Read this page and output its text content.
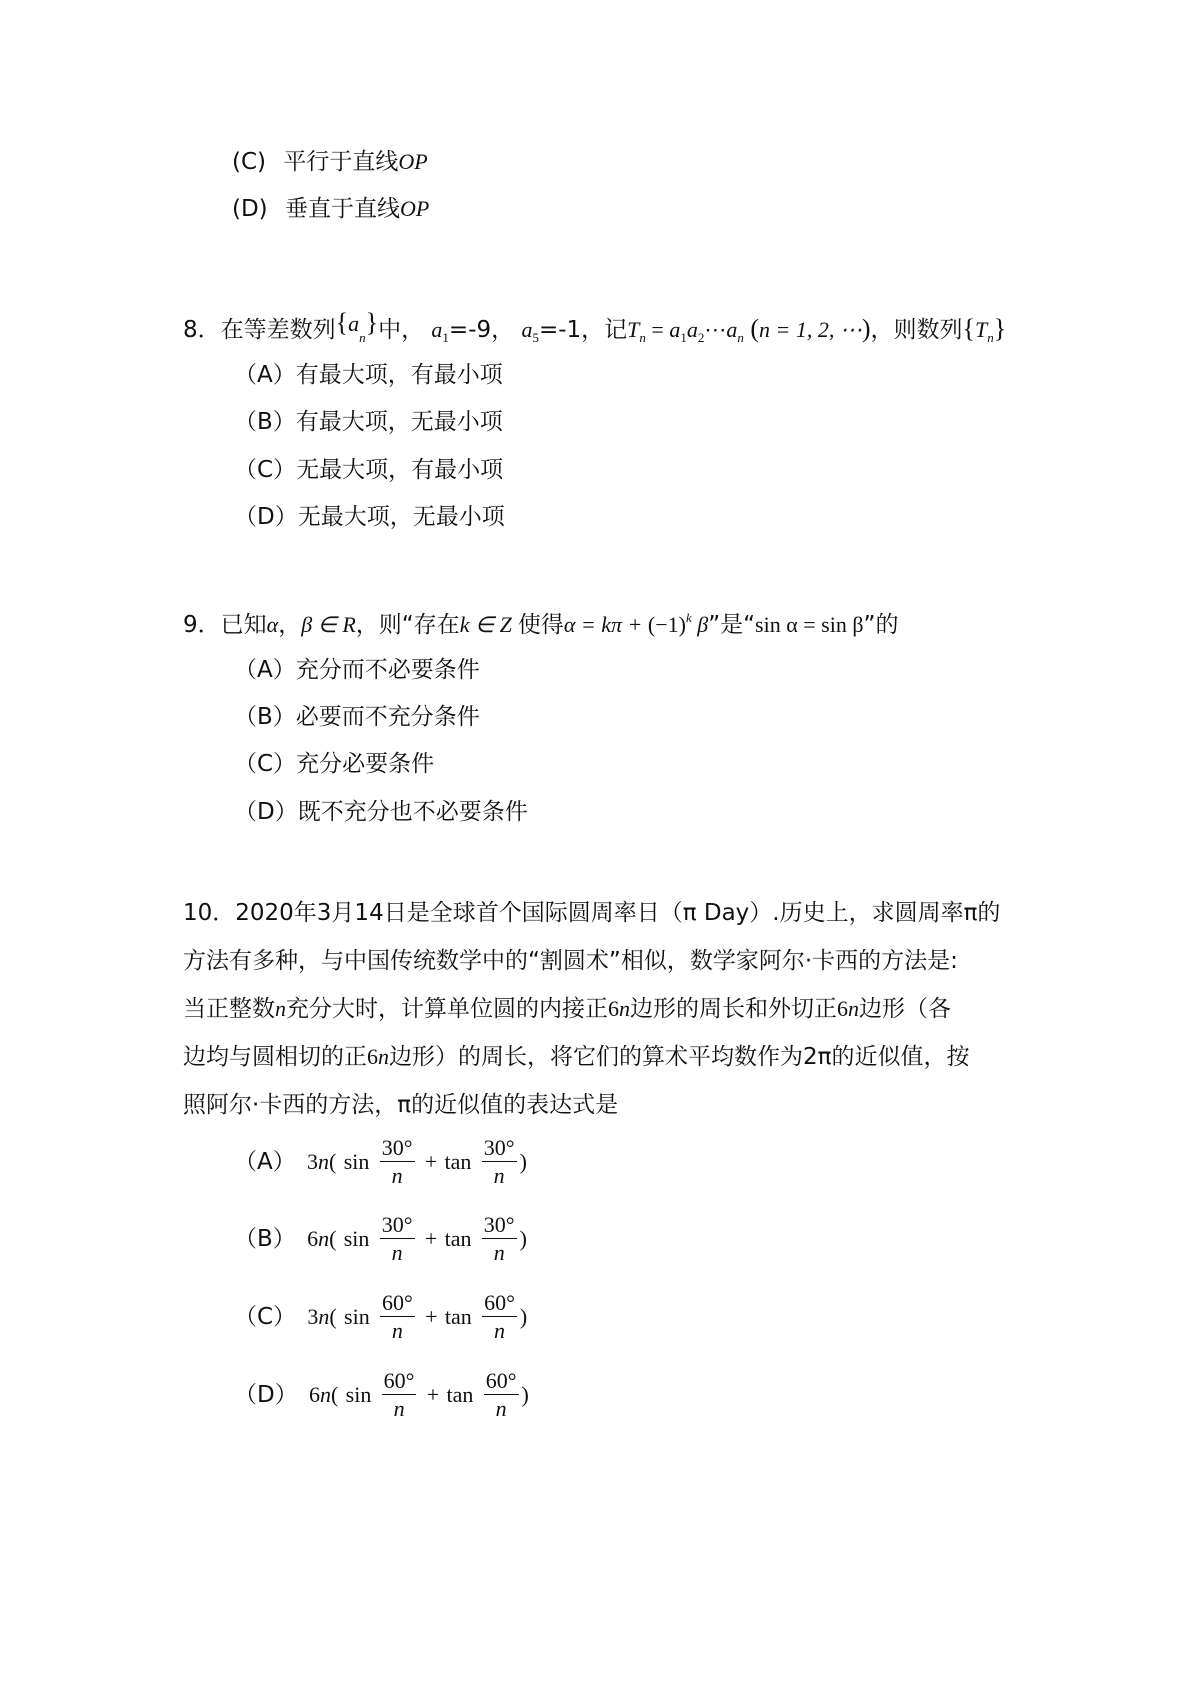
(C) 平行于直线OP
(D) 垂直于直线OP
8．在等差数列$\{a_n\}$中， $a_1=-9$， $a_5=-1$，记$T_n$ = $a_1a_2\cdots a_n$ (n = 1, 2, ⋯)，则数列$\{T_n\}$
（A）有最大项，有最小项
（B）有最大项，无最小项
（C）无最大项，有最小项
（D）无最大项，无最小项
9．已知α，β ∈ R，则“存在k ∈ Z 使得$\alpha = k\pi + (-1)^k$ β”是“sin α = sin β”的
（A）充分而不必要条件
（B）必要而不充分条件
（C）充分必要条件
（D）既不充分也不必要条件
10．2020年3月14日是全球首个国际圆周率日（π Day）.历史上，求圆周率π的
方法有多种，与中国传统数学中的“割圆术”相似，数学家阿尔·卡西的方法是:
当正整数n充分大时，计算单位圆的内接正6n边形的周长和外切正6n边形（各
边均与圆相切的正6n边形）的周长，将它们的算术平均数作为2π的近似值，按
照阿尔·卡西的方法，π的近似值的表达式是
（A） 3n( $\sin \frac{30^\circ}{n} + \tan \frac{30^\circ}{n}$ )
（B） 6n( $\sin \frac{30^\circ}{n} + \tan \frac{30^\circ}{n}$ )
（C） 3n( $\sin \frac{60^\circ}{n} + \tan \frac{60^\circ}{n}$ )
（D） 6n( $\sin \frac{60^\circ}{n} + \tan \frac{60^\circ}{n}$ )
